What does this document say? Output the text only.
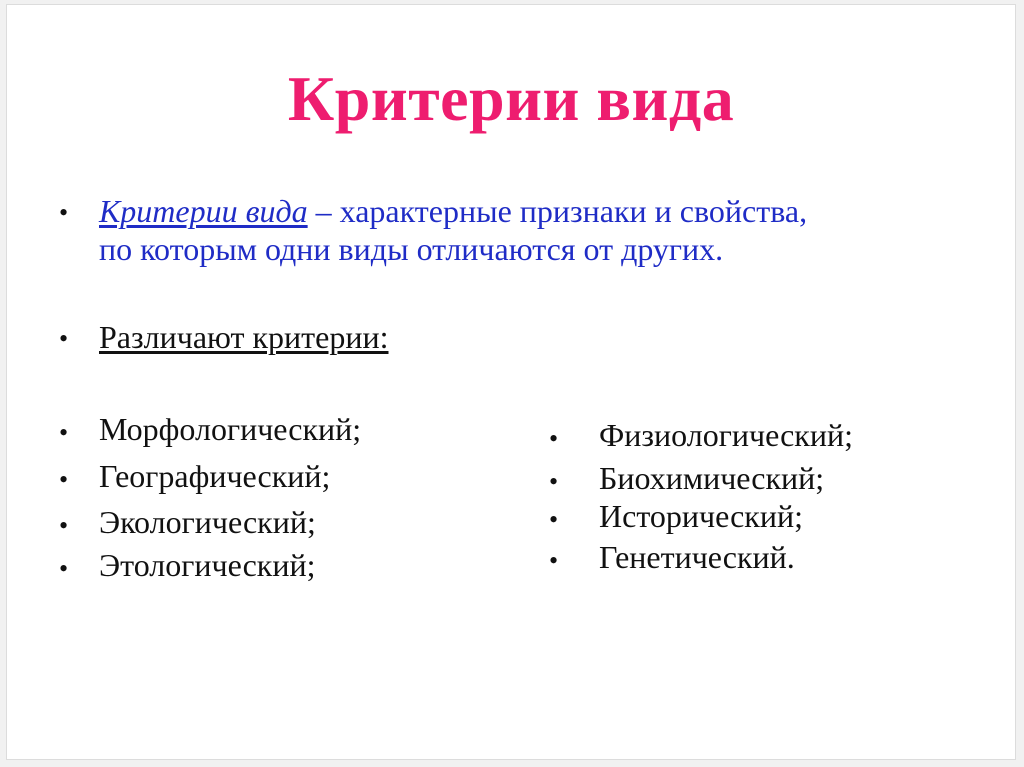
Критерии вида
• Критерии вида – характерные признаки и свойства,
по которым одни виды отличаются от других.
• Различают критерии:
• Морфологический;
• Географический;
• Экологический;
• Этологический;
• Физиологический;
• Биохимический;
• Исторический;
• Генетический.
